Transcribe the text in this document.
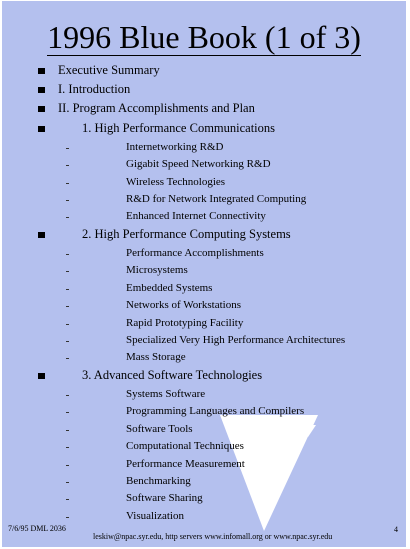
1996 Blue Book (1 of 3)
Executive Summary
I. Introduction
II. Program Accomplishments and Plan
1. High Performance Communications
Internetworking R&D
Gigabit Speed Networking R&D
Wireless Technologies
R&D for Network Integrated Computing
Enhanced Internet Connectivity
2. High Performance Computing Systems
Performance Accomplishments
Microsystems
Embedded Systems
Networks of Workstations
Rapid Prototyping Facility
Specialized Very High Performance Architectures
Mass Storage
3. Advanced Software Technologies
Systems Software
Programming Languages and Compilers
Software Tools
Computational Techniques
Performance Measurement
Benchmarking
Software Sharing
Visualization
7/6/95 DML 2036
leskiw@npac.syr.edu, http servers www.infomall.org or www.npac.syr.edu
4
